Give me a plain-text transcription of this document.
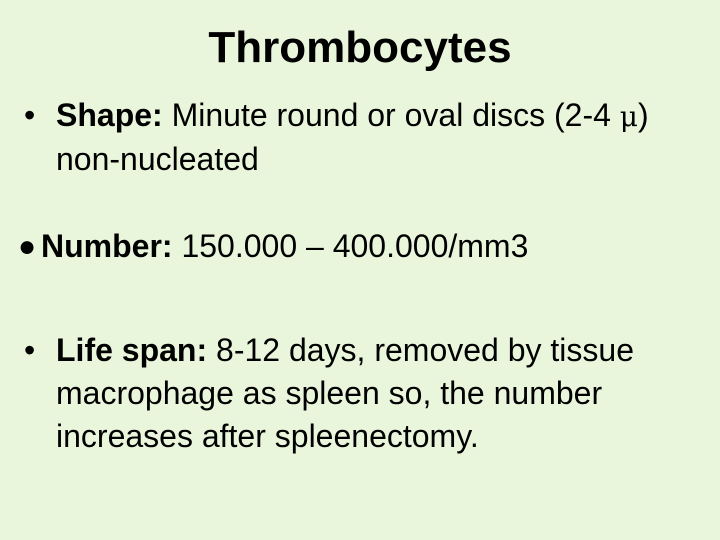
Thrombocytes
• Shape: Minute round or oval discs (2-4 μ) non-nucleated
● Number: 150.000 – 400.000/mm3
• Life span: 8-12 days, removed by tissue macrophage as spleen so, the number increases after spleenectomy.
